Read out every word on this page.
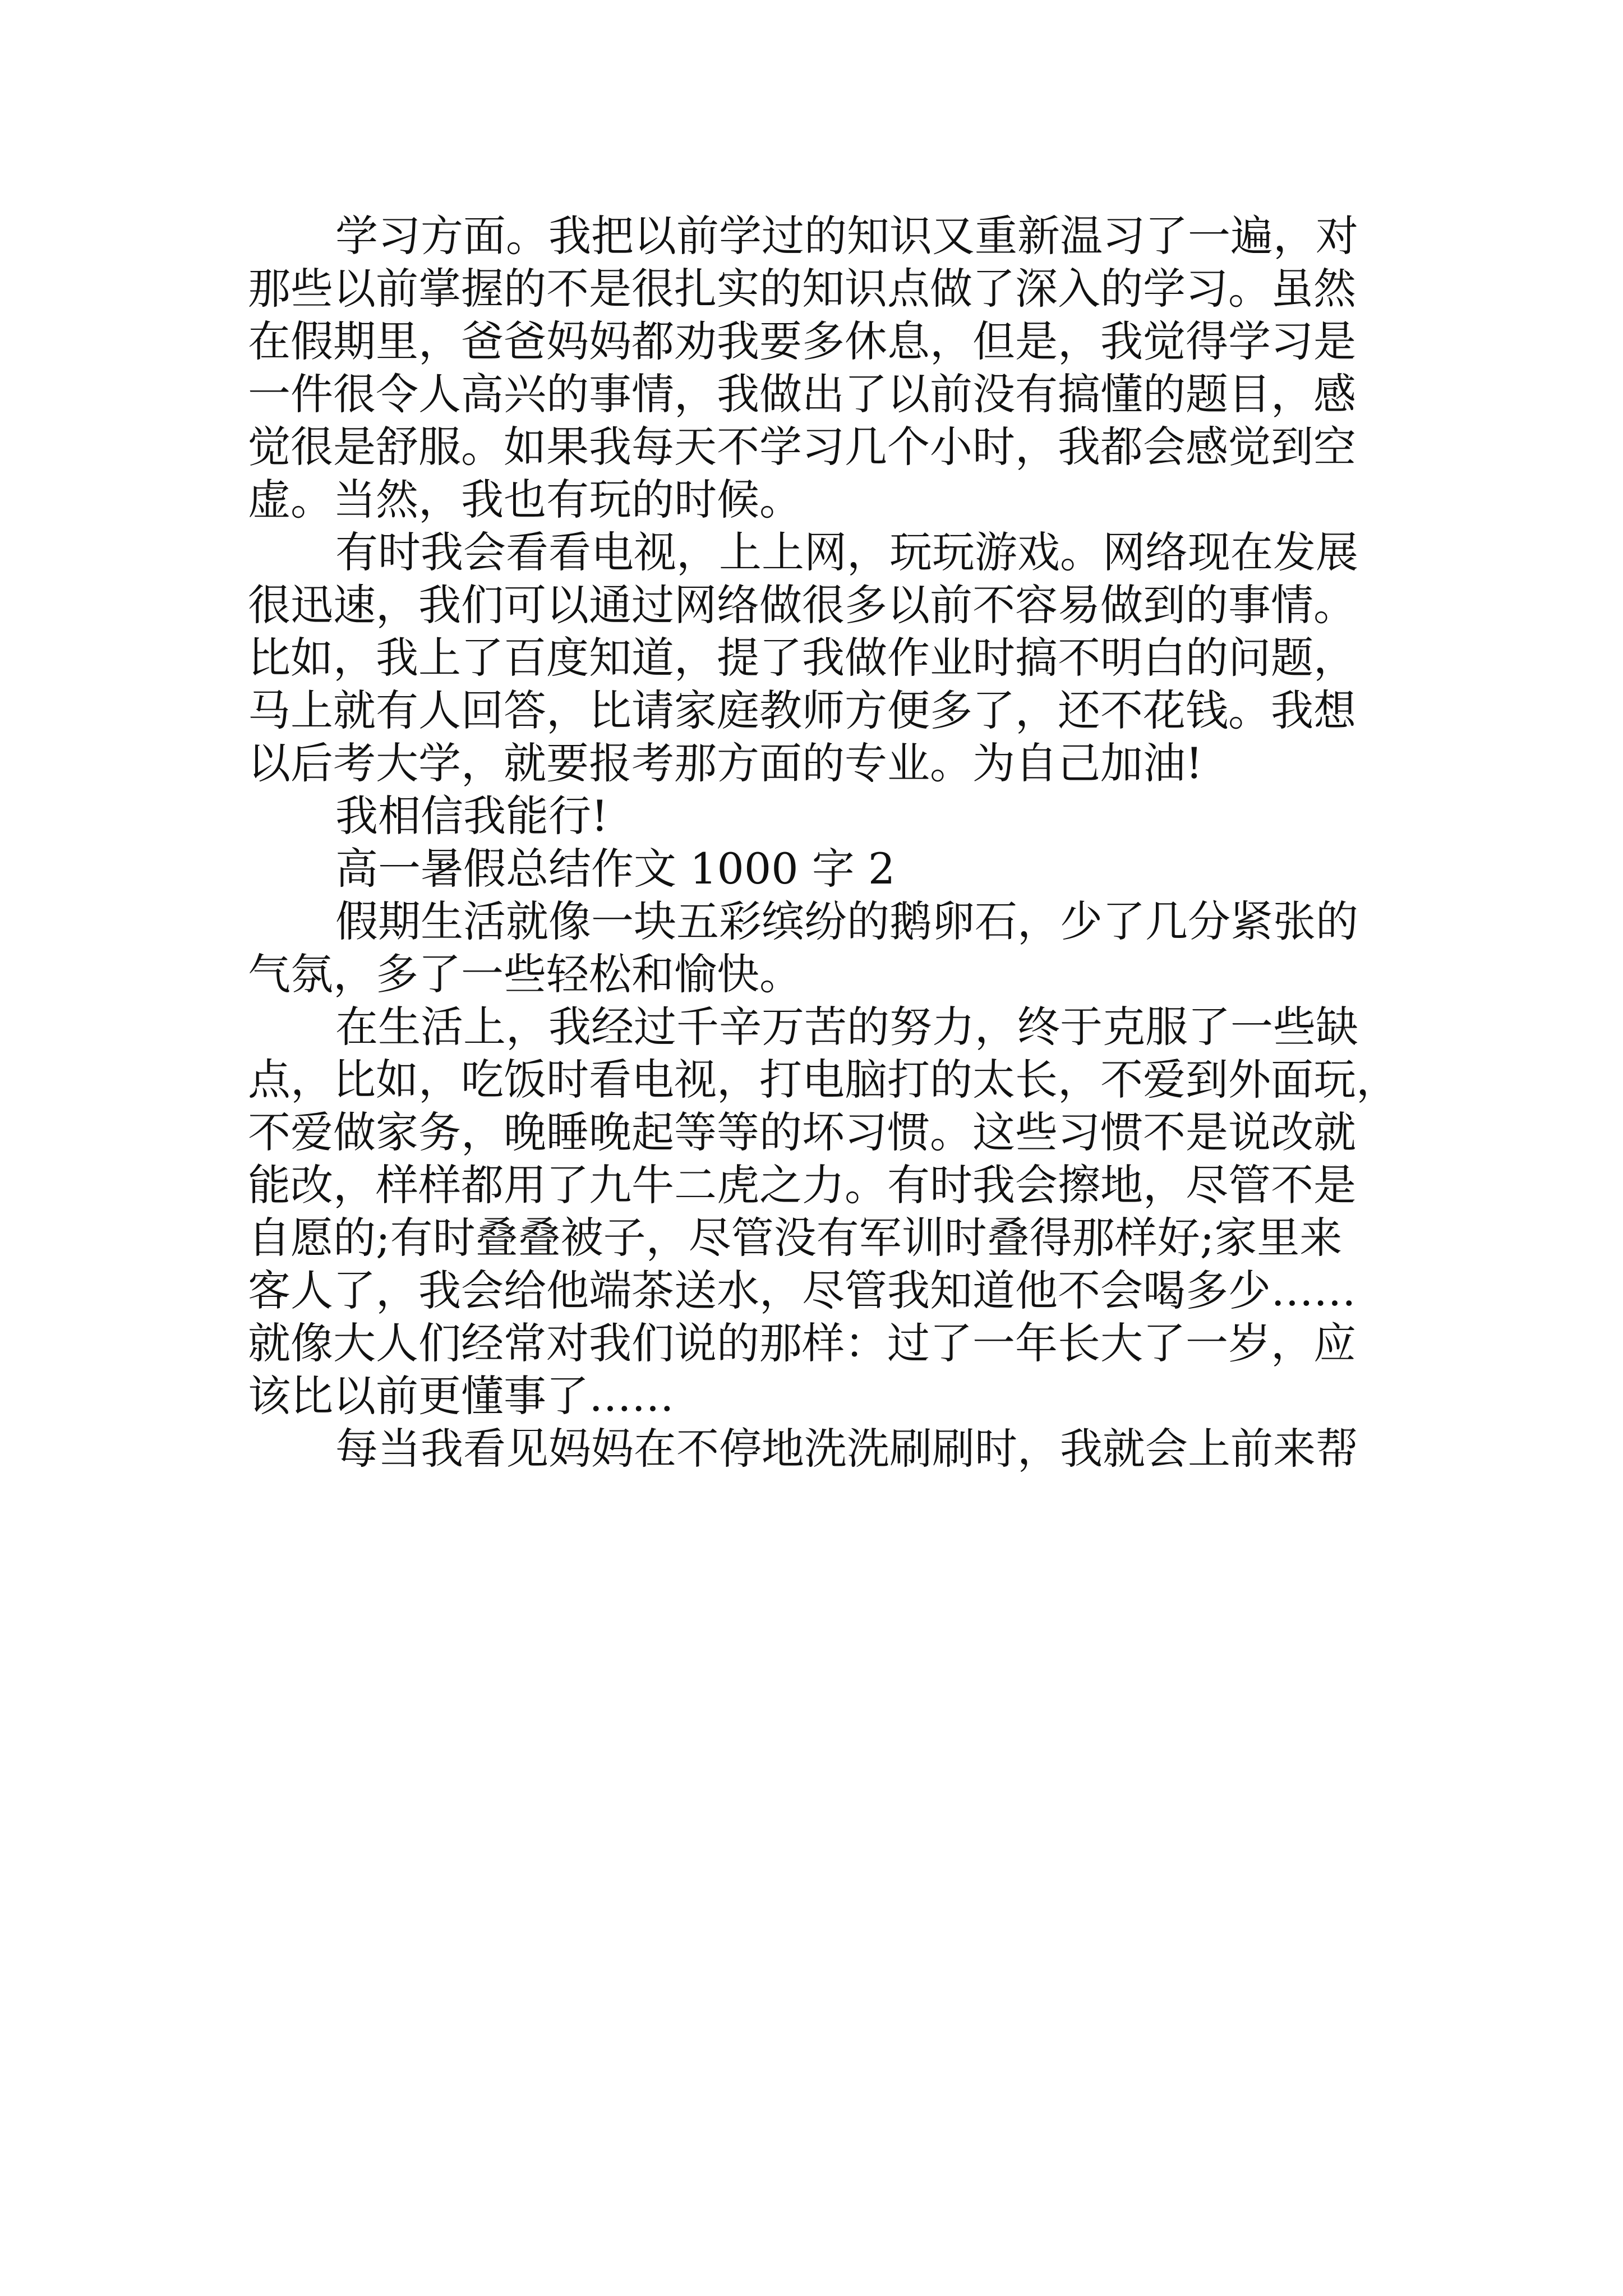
学习方面。我把以前学过的知识又重新温习了一遍，对

那些以前掌握的不是很扎实的知识点做了深入的学习。虽然

在假期里，爸爸妈妈都劝我要多休息，但是，我觉得学习是

一件很令人高兴的事情，我做出了以前没有搞懂的题目，感

觉很是舒服。如果我每天不学习几个小时，我都会感觉到空

虚。当然，我也有玩的时候。

有时我会看看电视，上上网，玩玩游戏。网络现在发展

很迅速，我们可以通过网络做很多以前不容易做到的事情。

比如，我上了百度知道，提了我做作业时搞不明白的问题，

马上就有人回答，比请家庭教师方便多了，还不花钱。我想

以后考大学，就要报考那方面的专业。为自己加油!

我相信我能行!

高一暑假总结作文 1000 字 2

假期生活就像一块五彩缤纷的鹅卵石，少了几分紧张的

气氛，多了一些轻松和愉快。

在生活上，我经过千辛万苦的努力，终于克服了一些缺

点，比如，吃饭时看电视，打电脑打的太长，不爱到外面玩，

不爱做家务，晚睡晚起等等的坏习惯。这些习惯不是说改就

能改，样样都用了九牛二虎之力。有时我会擦地，尽管不是

自愿的;有时叠叠被子，尽管没有军训时叠得那样好;家里来

客人了，我会给他端茶送水，尽管我知道他不会喝多少……

就像大人们经常对我们说的那样：过了一年长大了一岁，应

该比以前更懂事了……

每当我看见妈妈在不停地洗洗刷刷时，我就会上前来帮
